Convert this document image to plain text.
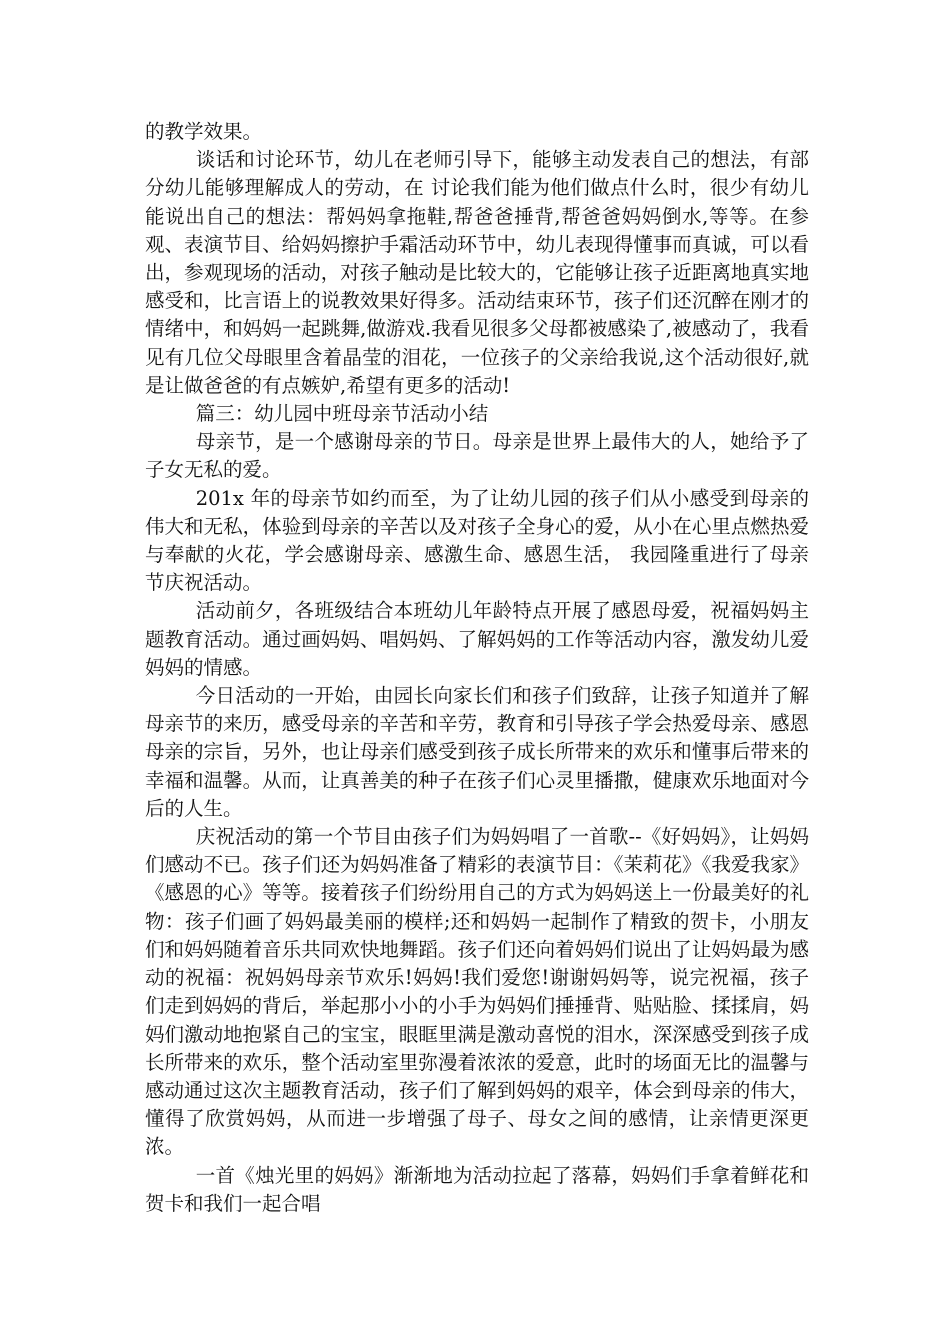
的教学效果。

谈话和讨论环节，幼儿在老师引导下，能够主动发表自己的想法，有部分幼儿能够理解成人的劳动，在 讨论我们能为他们做点什么时，很少有幼儿能说出自己的想法：帮妈妈拿拖鞋,帮爸爸捶背,帮爸爸妈妈倒水,等等。在参观、表演节目、给妈妈擦护手霜活动环节中，幼儿表现得懂事而真诚，可以看出，参观现场的活动，对孩子触动是比较大的，它能够让孩子近距离地真实地感受和，比言语上的说教效果好得多。活动结束环节，孩子们还沉醉在刚才的情绪中，和妈妈一起跳舞,做游戏.我看见很多父母都被感染了,被感动了，我看见有几位父母眼里含着晶莹的泪花，一位孩子的父亲给我说,这个活动很好,就是让做爸爸的有点嫉妒,希望有更多的活动!

篇三：幼儿园中班母亲节活动小结

母亲节，是一个感谢母亲的节日。母亲是世界上最伟大的人，她给予了子女无私的爱。

201x 年的母亲节如约而至，为了让幼儿园的孩子们从小感受到母亲的伟大和无私，体验到母亲的辛苦以及对孩子全身心的爱，从小在心里点燃热爱与奉献的火花，学会感谢母亲、感激生命、感恩生活， 我园隆重进行了母亲节庆祝活动。

活动前夕，各班级结合本班幼儿年龄特点开展了感恩母爱，祝福妈妈主题教育活动。通过画妈妈、唱妈妈、了解妈妈的工作等活动内容，激发幼儿爱妈妈的情感。

今日活动的一开始，由园长向家长们和孩子们致辞，让孩子知道并了解母亲节的来历，感受母亲的辛苦和辛劳，教育和引导孩子学会热爱母亲、感恩母亲的宗旨，另外，也让母亲们感受到孩子成长所带来的欢乐和懂事后带来的幸福和温馨。从而，让真善美的种子在孩子们心灵里播撒，健康欢乐地面对今后的人生。

庆祝活动的第一个节目由孩子们为妈妈唱了一首歌--《好妈妈》，让妈妈们感动不已。孩子们还为妈妈准备了精彩的表演节目：《茉莉花》《我爱我家》《感恩的心》等等。接着孩子们纷纷用自己的方式为妈妈送上一份最美好的礼物：孩子们画了妈妈最美丽的模样;还和妈妈一起制作了精致的贺卡，小朋友们和妈妈随着音乐共同欢快地舞蹈。孩子们还向着妈妈们说出了让妈妈最为感动的祝福：祝妈妈母亲节欢乐!妈妈!我们爱您!谢谢妈妈等，说完祝福，孩子们走到妈妈的背后，举起那小小的小手为妈妈们捶捶背、贴贴脸、揉揉肩，妈妈们激动地抱紧自己的宝宝，眼眶里满是激动喜悦的泪水，深深感受到孩子成长所带来的欢乐，整个活动室里弥漫着浓浓的爱意，此时的场面无比的温馨与感动通过这次主题教育活动，孩子们了解到妈妈的艰辛，体会到母亲的伟大，懂得了欣赏妈妈，从而进一步增强了母子、母女之间的感情，让亲情更深更浓。

一首《烛光里的妈妈》渐渐地为活动拉起了落幕，妈妈们手拿着鲜花和贺卡和我们一起合唱
